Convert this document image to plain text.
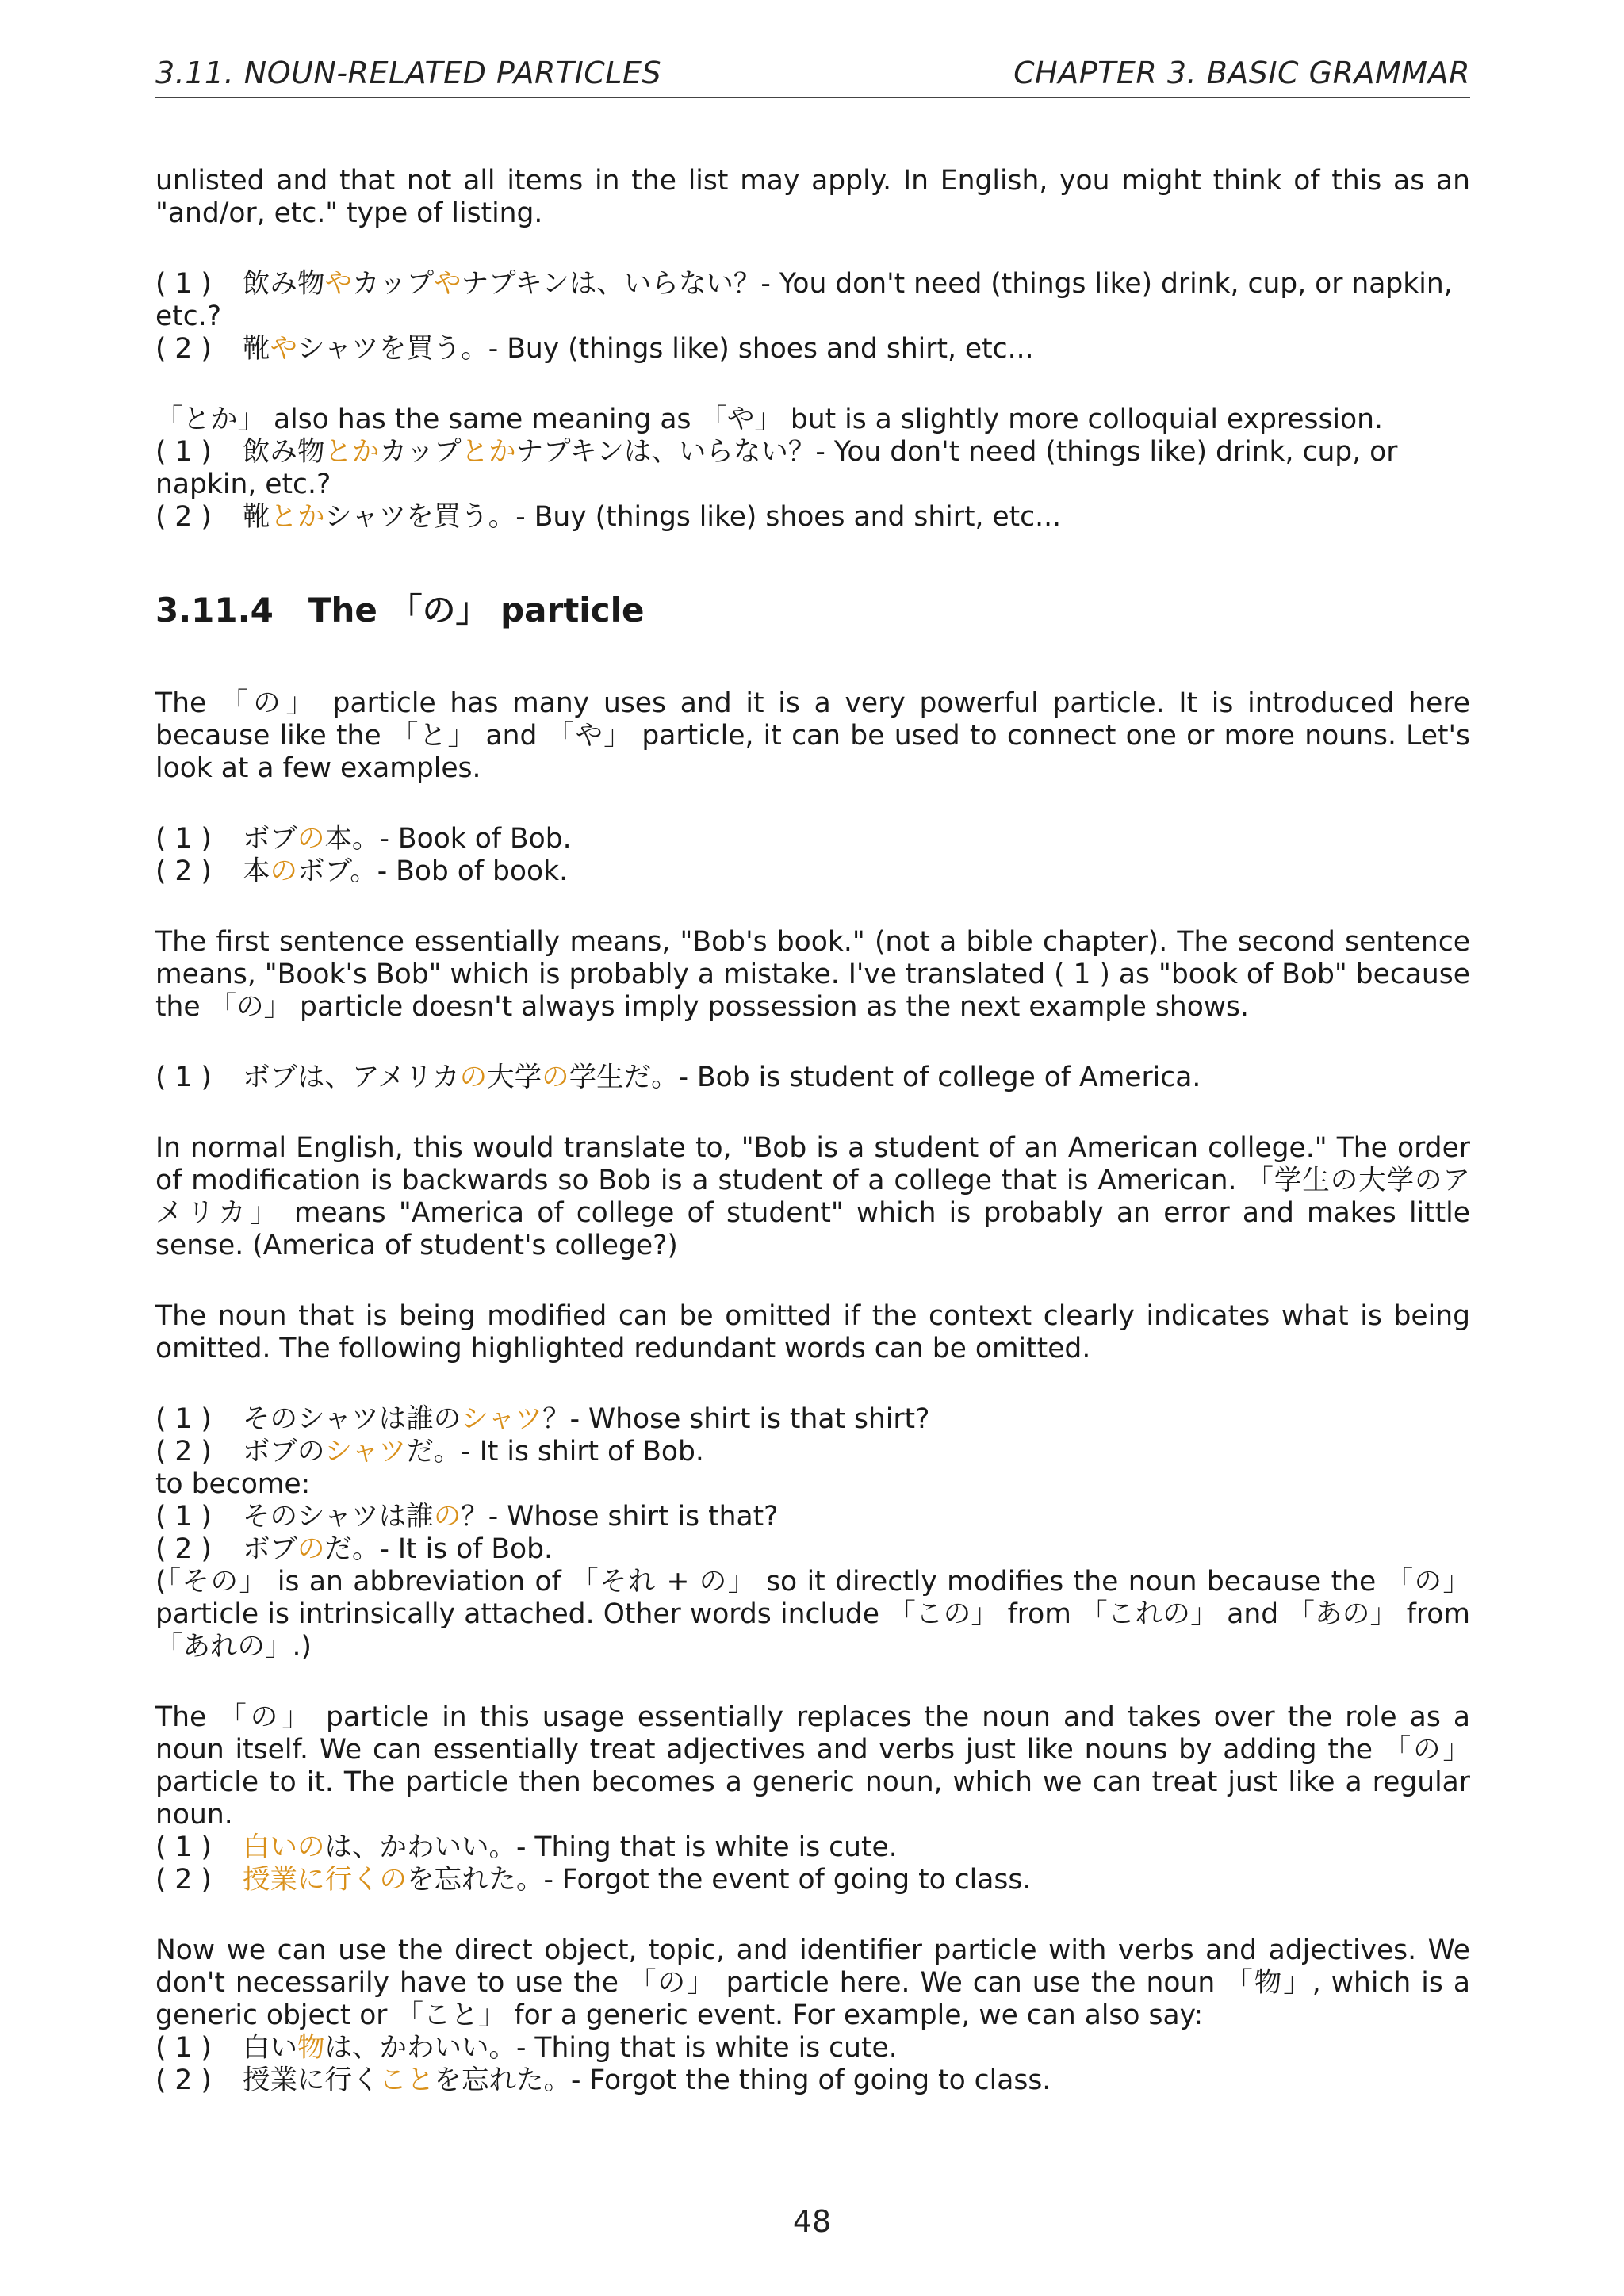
3.11. NOUN-RELATED PARTICLES	CHAPTER 3. BASIC GRAMMAR

unlisted and that not all items in the list may apply. In English, you might think of this as an "and/or, etc." type of listing.

( 1 ) 飲み物やカップやナプキンは、いらない？- You don't need (things like) drink, cup, or napkin, etc.?
( 2 ) 靴やシャツを買う。- Buy (things like) shoes and shirt, etc...

「とか」 also has the same meaning as 「や」 but is a slightly more colloquial expression.

( 1 ) 飲み物とかカップとかナプキンは、いらない？- You don't need (things like) drink, cup, or napkin, etc.?
( 2 ) 靴とかシャツを買う。- Buy (things like) shoes and shirt, etc...
3.11.4 The 「の」 particle

The 「の」 particle has many uses and it is a very powerful particle. It is introduced here because like the 「と」 and 「や」 particle, it can be used to connect one or more nouns. Let's look at a few examples.

( 1 ) ボブの本。- Book of Bob.
( 2 ) 本のボブ。- Bob of book.

The first sentence essentially means, "Bob's book." (not a bible chapter). The second sentence means, "Book's Bob" which is probably a mistake. I've translated ( 1 ) as "book of Bob" because the 「の」 particle doesn't always imply possession as the next example shows.

( 1 ) ボブは、アメリカの大学の学生だ。- Bob is student of college of America.

In normal English, this would translate to, "Bob is a student of an American college." The order of modification is backwards so Bob is a student of a college that is American. 「学生の大学のアメリカ」 means "America of college of student" which is probably an error and makes little sense. (America of student's college?)

The noun that is being modified can be omitted if the context clearly indicates what is being omitted. The following highlighted redundant words can be omitted.

( 1 ) そのシャツは誰のシャツ？- Whose shirt is that shirt?
( 2 ) ボブのシャツだ。- It is shirt of Bob.
to become:
( 1 ) そのシャツは誰の？- Whose shirt is that?
( 2 ) ボブのだ。- It is of Bob.

(「その」 is an abbreviation of 「それ + の」 so it directly modifies the noun because the 「の」 particle is intrinsically attached. Other words include 「この」 from 「これの」 and 「あの」 from 「あれの」.)

The 「の」 particle in this usage essentially replaces the noun and takes over the role as a noun itself. We can essentially treat adjectives and verbs just like nouns by adding the 「の」 particle to it. The particle then becomes a generic noun, which we can treat just like a regular noun.

( 1 ) 白いのは、かわいい。- Thing that is white is cute.
( 2 ) 授業に行くのを忘れた。- Forgot the event of going to class.

Now we can use the direct object, topic, and identifier particle with verbs and adjectives. We don't necessarily have to use the 「の」 particle here. We can use the noun 「物」, which is a generic object or 「こと」 for a generic event. For example, we can also say:

( 1 ) 白い物は、かわいい。- Thing that is white is cute.
( 2 ) 授業に行くことを忘れた。- Forgot the thing of going to class.
48
